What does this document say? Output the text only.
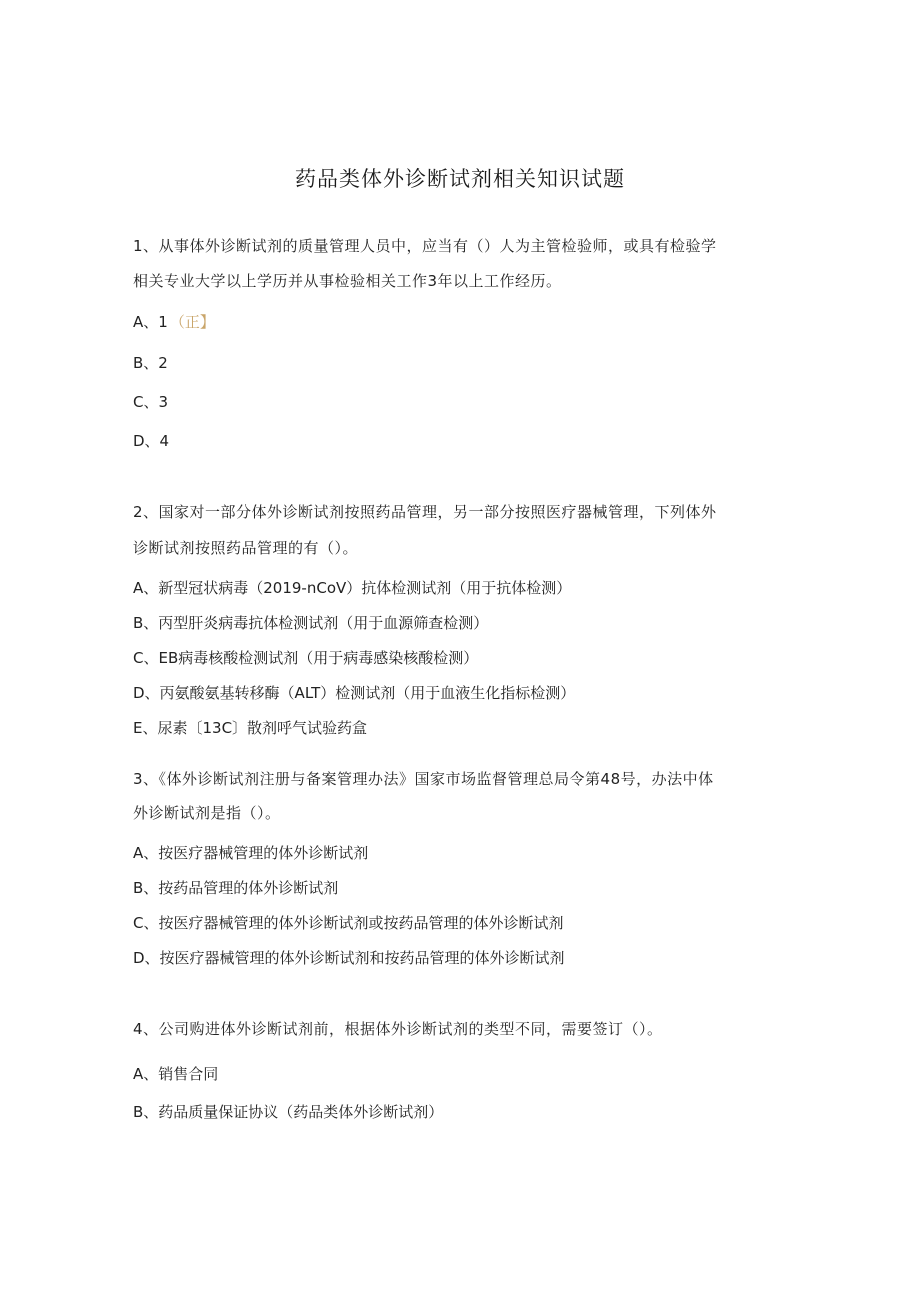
药品类体外诊断试剂相关知识试题
1、从事体外诊断试剂的质量管理人员中，应当有（）人为主管检验师，或具有检验学
相关专业大学以上学历并从事检验相关工作3年以上工作经历。
A、1 （正】
B、2
C、3
D、4
2、国家对一部分体外诊断试剂按照药品管理，另一部分按照医疗器械管理，下列体外
诊断试剂按照药品管理的有（）。
A、新型冠状病毒（2019-nCoV）抗体检测试剂（用于抗体检测）
B、丙型肝炎病毒抗体检测试剂（用于血源筛查检测）
C、EB病毒核酸检测试剂（用于病毒感染核酸检测）
D、丙氨酸氨基转移酶（ALT）检测试剂（用于血液生化指标检测）
E、尿素〔13C〕散剂呼气试验药盒
3、《体外诊断试剂注册与备案管理办法》国家市场监督管理总局令第48号，办法中体
外诊断试剂是指（）。
A、按医疗器械管理的体外诊断试剂
B、按药品管理的体外诊断试剂
C、按医疗器械管理的体外诊断试剂或按药品管理的体外诊断试剂
D、按医疗器械管理的体外诊断试剂和按药品管理的体外诊断试剂
4、公司购进体外诊断试剂前，根据体外诊断试剂的类型不同，需要签订（）。
A、销售合同
B、药品质量保证协议（药品类体外诊断试剂）
